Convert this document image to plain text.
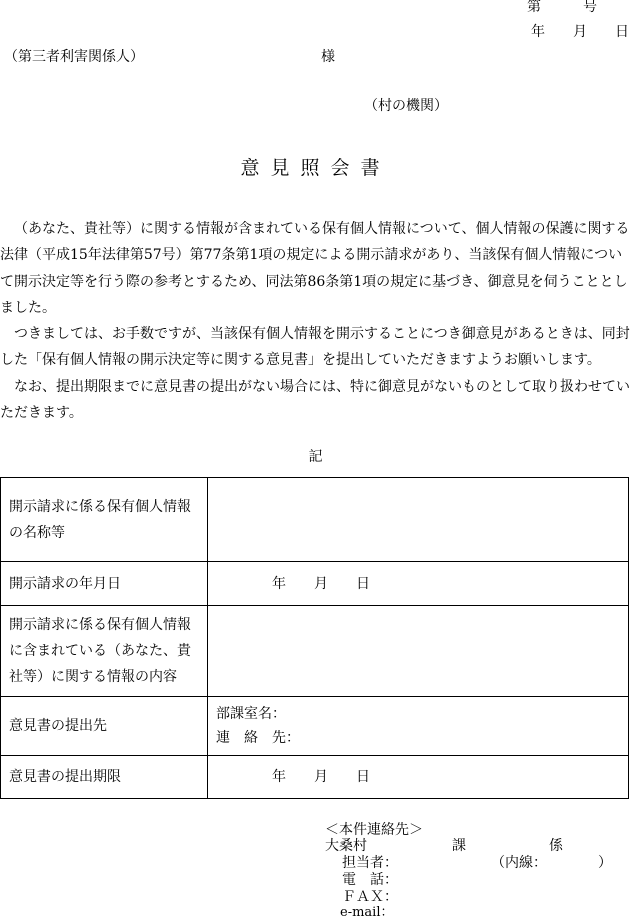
第　　　号
年　　月　　日
（第三者利害関係人）	様
（村の機関）
意見照会書

（あなた、貴社等）に関する情報が含まれている保有個人情報について、個人情報の保護に関する法律（平成15年法律第57号）第77条第1項の規定による開示請求があり、当該保有個人情報について開示決定等を行う際の参考とするため、同法第86条第1項の規定に基づき、御意見を伺うこととしました。

つきましては、お手数ですが、当該保有個人情報を開示することにつき御意見があるときは、同封した「保有個人情報の開示決定等に関する意見書」を提出していただきますようお願いします。

なお、提出期限までに意見書の提出がない場合には、特に御意見がないものとして取り扱わせていただきます。

記
開示請求に係る保有個人情報の名称等	
開示請求の年月日	年　　月　　日
開示請求に係る保有個人情報に含まれている（あなた、貴社等）に関する情報の内容	
意見書の提出先	部課室名：
連　絡　先：

意見書の提出期限	年　　月　　日
＜本件連絡先＞
大桑村	課	係
担当者：	（内線：	）
電　話：
ＦＡＸ：
e-mail：
